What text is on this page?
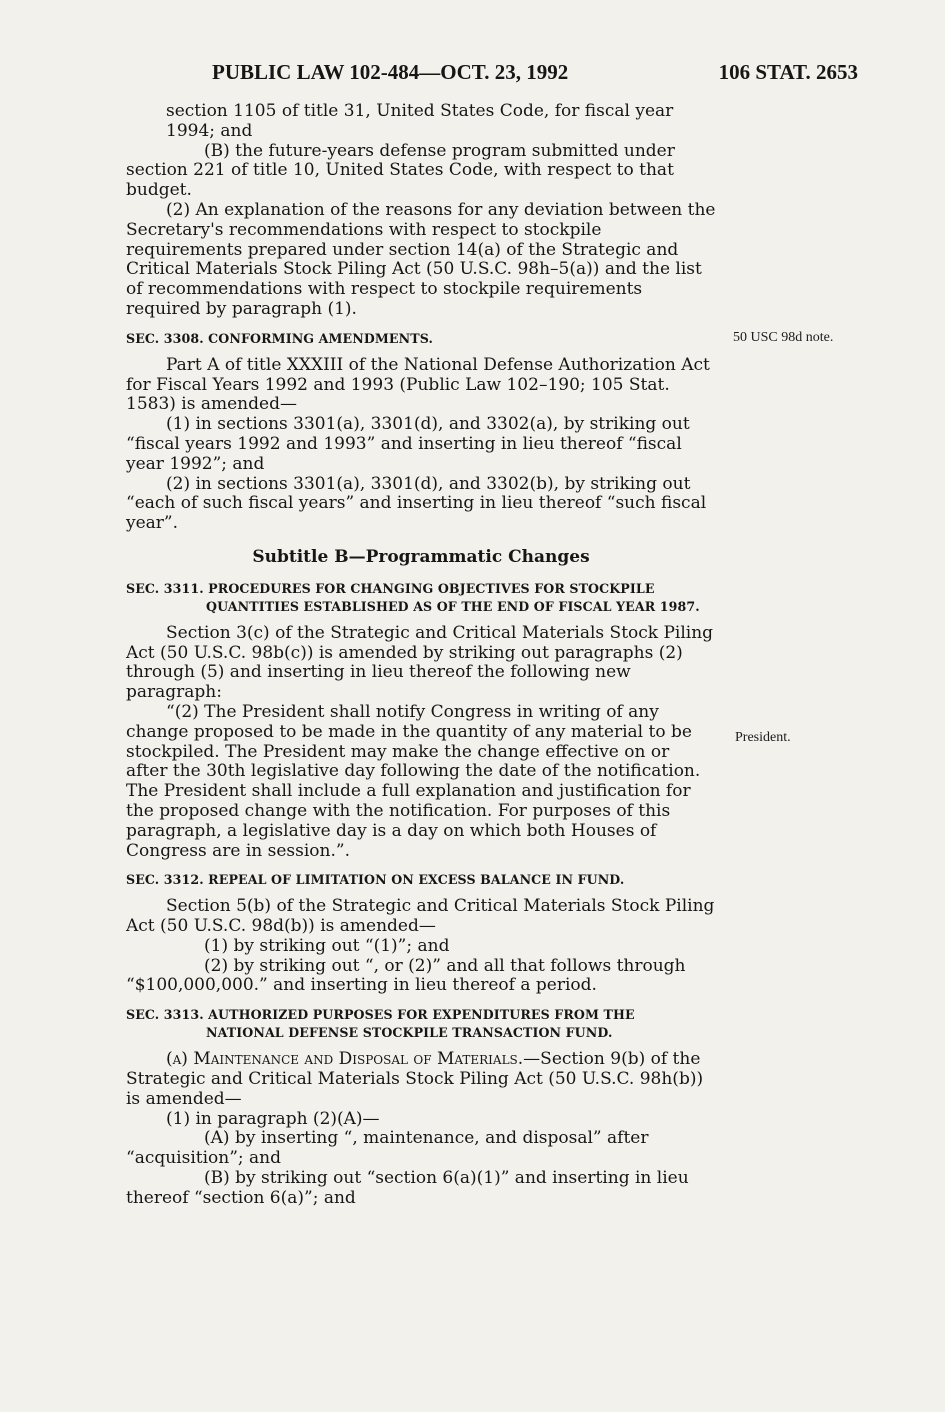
PUBLIC LAW 102-484—OCT. 23, 1992	106 STAT. 2653
50 USC 98d note.
President.

section 1105 of title 31, United States Code, for fiscal year 1994; and

(B) the future-years defense program submitted under section 221 of title 10, United States Code, with respect to that budget.

(2) An explanation of the reasons for any deviation between the Secretary's recommendations with respect to stockpile requirements prepared under section 14(a) of the Strategic and Critical Materials Stock Piling Act (50 U.S.C. 98h–5(a)) and the list of recommendations with respect to stockpile requirements required by paragraph (1).

SEC. 3308. CONFORMING AMENDMENTS.

Part A of title XXXIII of the National Defense Authorization Act for Fiscal Years 1992 and 1993 (Public Law 102–190; 105 Stat. 1583) is amended—

(1) in sections 3301(a), 3301(d), and 3302(a), by striking out “fiscal years 1992 and 1993” and inserting in lieu thereof “fiscal year 1992”; and

(2) in sections 3301(a), 3301(d), and 3302(b), by striking out “each of such fiscal years” and inserting in lieu thereof “such fiscal year”.

Subtitle B—Programmatic Changes

SEC. 3311. PROCEDURES FOR CHANGING OBJECTIVES FOR STOCKPILE QUANTITIES ESTABLISHED AS OF THE END OF FISCAL YEAR 1987.

Section 3(c) of the Strategic and Critical Materials Stock Piling Act (50 U.S.C. 98b(c)) is amended by striking out paragraphs (2) through (5) and inserting in lieu thereof the following new paragraph:

“(2) The President shall notify Congress in writing of any change proposed to be made in the quantity of any material to be stockpiled. The President may make the change effective on or after the 30th legislative day following the date of the notification. The President shall include a full explanation and justification for the proposed change with the notification. For purposes of this paragraph, a legislative day is a day on which both Houses of Congress are in session.”.

SEC. 3312. REPEAL OF LIMITATION ON EXCESS BALANCE IN FUND.

Section 5(b) of the Strategic and Critical Materials Stock Piling Act (50 U.S.C. 98d(b)) is amended—

(1) by striking out “(1)”; and

(2) by striking out “, or (2)” and all that follows through “$100,000,000.” and inserting in lieu thereof a period.

SEC. 3313. AUTHORIZED PURPOSES FOR EXPENDITURES FROM THE NATIONAL DEFENSE STOCKPILE TRANSACTION FUND.

(a) Maintenance and Disposal of Materials.—Section 9(b) of the Strategic and Critical Materials Stock Piling Act (50 U.S.C. 98h(b)) is amended—

(1) in paragraph (2)(A)—

(A) by inserting “, maintenance, and disposal” after “acquisition”; and

(B) by striking out “section 6(a)(1)” and inserting in lieu thereof “section 6(a)”; and
